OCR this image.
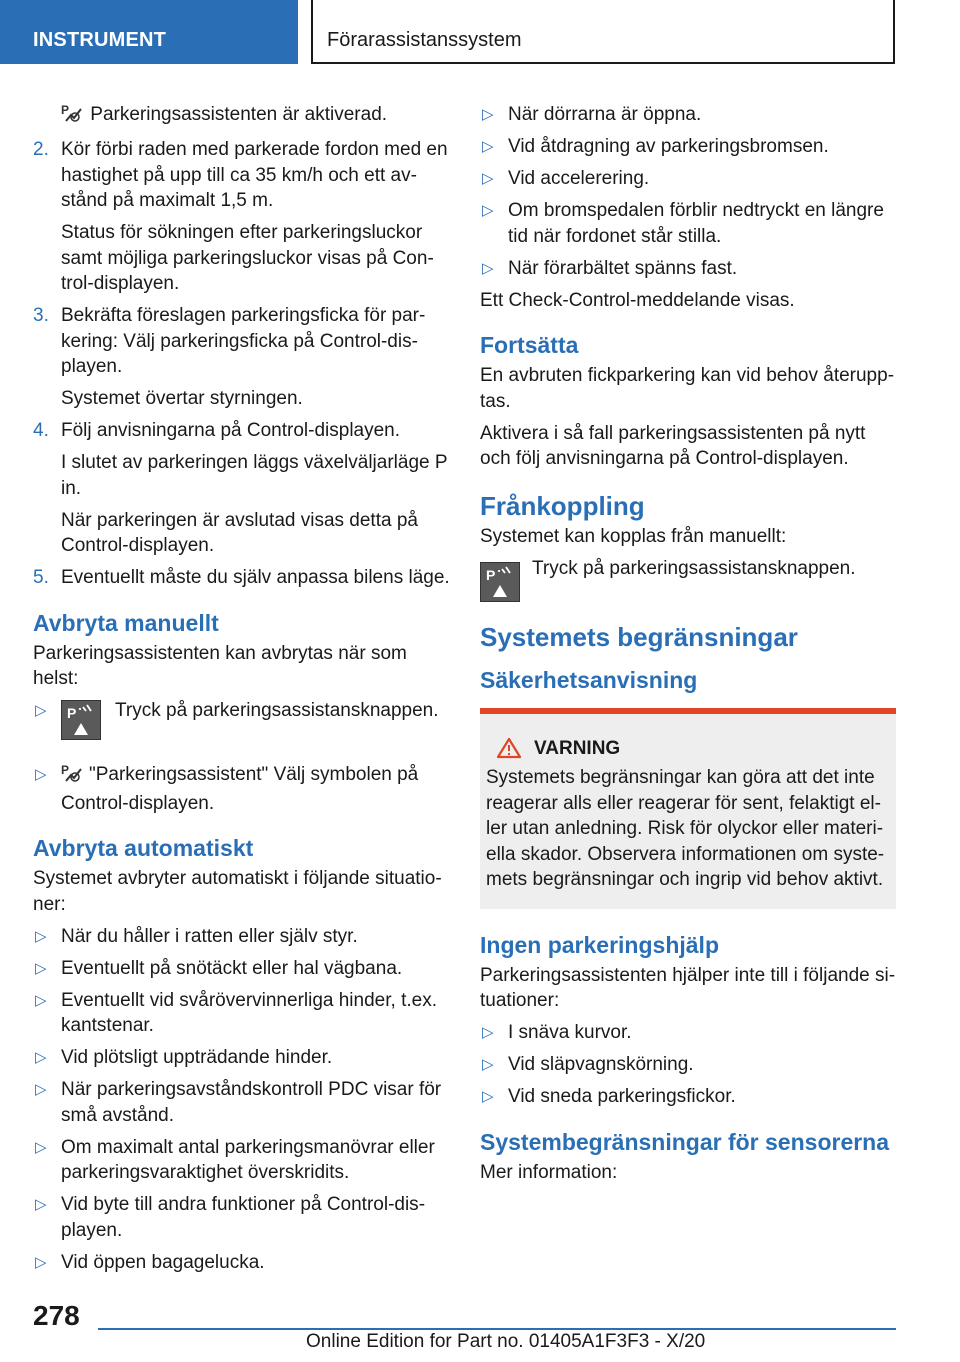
INSTRUMENT	Förarassistanssystem
P Parkeringsassistenten är aktiverad.
2. Kör förbi raden med parkerade fordon med en hastighet på upp till ca 35 km/h och ett avstånd på maximalt 1,5 m.

Status för sökningen efter parkeringsluckor samt möjliga parkeringsluckor visas på Control-displayen.

3. Bekräfta föreslagen parkeringsficka för parkering: Välj parkeringsficka på Control-displayen.

Systemet övertar styrningen.

4. Följ anvisningarna på Control-displayen.

I slutet av parkeringen läggs växelväljarläge P in.

När parkeringen är avslutad visas detta på Control-displayen.

5. Eventuellt måste du själv anpassa bilens läge.
Avbryta manuellt

Parkeringsassistenten kan avbrytas när som helst:

▷ P Tryck på parkeringsassistansknappen.
▷ P "Parkeringsassistent" Välj symbolen på Control-displayen.
Avbryta automatiskt

Systemet avbryter automatiskt i följande situationer:

▷ När du håller i ratten eller själv styr.
▷ Eventuellt på snötäckt eller hal vägbana.
▷ Eventuellt vid svårövervinnerliga hinder, t.ex. kantstenar.
▷ Vid plötsligt uppträdande hinder.
▷ När parkeringsavståndskontroll PDC visar för små avstånd.
▷ Om maximalt antal parkeringsmanövrar eller parkeringsvaraktighet överskridits.
▷ Vid byte till andra funktioner på Control-displayen.
▷ Vid öppen bagagelucka.
▷ När dörrarna är öppna.
▷ Vid åtdragning av parkeringsbromsen.
▷ Vid accelerering.
▷ Om bromspedalen förblir nedtryckt en längre tid när fordonet står stilla.
▷ När förarbältet spänns fast.

Ett Check-Control-meddelande visas.

Fortsätta

En avbruten fickparkering kan vid behov återupptas.

Aktivera i så fall parkeringsassistenten på nytt och följ anvisningarna på Control-displayen.

Frånkoppling

Systemet kan kopplas från manuellt:

P Tryck på parkeringsassistansknappen.
Systemets begränsningar
Säkerhetsanvisning
VARNING

Systemets begränsningar kan göra att det inte reagerar alls eller reagerar för sent, felaktigt eller utan anledning. Risk för olyckor eller materiella skador. Observera informationen om systemets begränsningar och ingrip vid behov aktivt.

Ingen parkeringshjälp

Parkeringsassistenten hjälper inte till i följande situationer:

▷ I snäva kurvor.
▷ Vid släpvagnskörning.
▷ Vid sneda parkeringsfickor.
Systembegränsningar för sensorerna

Mer information:

278
Online Edition for Part no. 01405A1F3F3 - X/20
